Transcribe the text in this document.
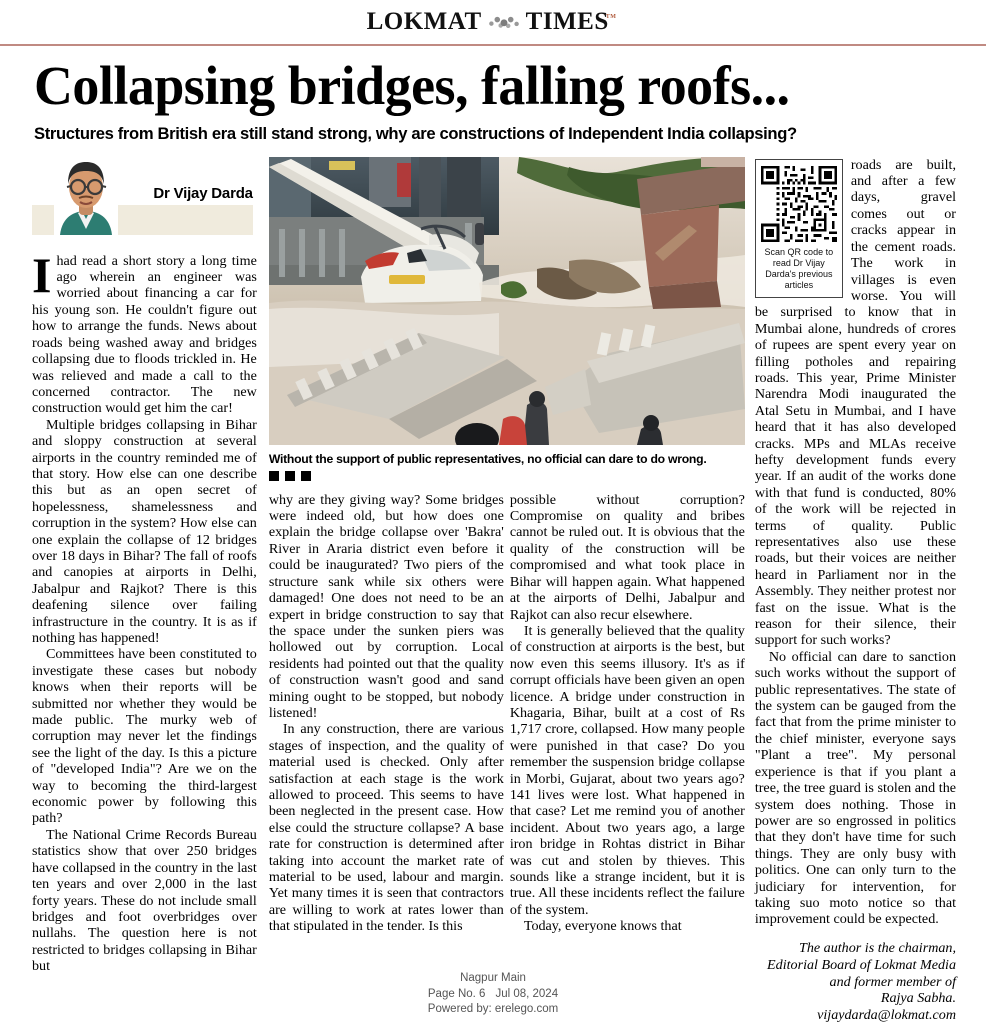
LOKMAT TIMES
TM
Collapsing bridges, falling roofs...
Structures from British era still stand strong, why are constructions of Independent India collapsing?
Dr Vijay Darda

Ihad read a short story a long time ago wherein an engineer was worried about financing a car for his young son. He couldn't figure out how to arrange the funds. News about roads being washed away and bridges collapsing due to floods trickled in. He was relieved and made a call to the concerned contractor. The new construction would get him the car!

Multiple bridges collapsing in Bihar and sloppy construction at several airports in the country reminded me of that story. How else can one describe this but as an open secret of hopelessness, shamelessness and corruption in the system? How else can one explain the collapse of 12 bridges over 18 days in Bihar? The fall of roofs and canopies at airports in Delhi, Jabalpur and Rajkot? There is this deafening silence over failing infrastructure in the country. It is as if nothing has happened!

Committees have been constituted to investigate these cases but nobody knows when their reports will be submitted nor whether they would be made public. The murky web of corruption may never let the findings see the light of the day. Is this a picture of "developed India"? Are we on the way to becoming the third-largest economic power by following this path?

The National Crime Records Bureau statistics show that over 250 bridges have collapsed in the country in the last ten years and over 2,000 in the last forty years. These do not include small bridges and foot overbridges over nullahs. The question here is not restricted to bridges collapsing in Bihar but

Without the support of public representatives, no official can dare to do wrong.

why are they giving way? Some bridges were indeed old, but how does one explain the bridge collapse over 'Bakra' River in Araria district even before it could be inaugurated? Two piers of the structure sank while six others were damaged! One does not need to be an expert in bridge construction to say that the space under the sunken piers was hollowed out by corruption. Local residents had pointed out that the quality of construction wasn't good and sand mining ought to be stopped, but nobody listened!

In any construction, there are various stages of inspection, and the quality of material used is checked. Only after satisfaction at each stage is the work allowed to proceed. This seems to have been neglected in the present case. How else could the structure collapse? A base rate for construction is determined after taking into account the market rate of material to be used, labour and margin. Yet many times it is seen that contractors are willing to work at rates lower than that stipulated in the tender. Is this

possible without corruption? Compromise on quality and bribes cannot be ruled out. It is obvious that the quality of the construction will be compromised and what took place in Bihar will happen again. What happened at the airports of Delhi, Jabalpur and Rajkot can also recur elsewhere.

It is generally believed that the quality of construction at airports is the best, but now even this seems illusory. It's as if corrupt officials have been given an open licence. A bridge under construction in Khagaria, Bihar, built at a cost of Rs 1,717 crore, collapsed. How many people were punished in that case? Do you remember the suspension bridge collapse in Morbi, Gujarat, about two years ago? 141 lives were lost. What happened in that case? Let me remind you of another incident. About two years ago, a large iron bridge in Rohtas district in Bihar was cut and stolen by thieves. This sounds like a strange incident, but it is true. All these incidents reflect the failure of the system.

Today, everyone knows that

Scan QR code to read Dr Vijay Darda's previous articles

roads are built, and after a few days, gravel comes out or cracks appear in the cement roads. The work in villages is even worse. You will be surprised to know that in Mumbai alone, hundreds of crores of rupees are spent every year on filling potholes and repairing roads. This year, Prime Minister Narendra Modi inaugurated the Atal Setu in Mumbai, and I have heard that it has also developed cracks. MPs and MLAs receive hefty development funds every year. If an audit of the works done with that fund is conducted, 80% of the work will be rejected in terms of quality. Public representatives also use these roads, but their voices are neither heard in Parliament nor in the Assembly. They neither protest nor fast on the issue. What is the reason for their silence, their support for such works?

No official can dare to sanction such works without the support of public representatives. The state of the system can be gauged from the fact that from the prime minister to the chief minister, everyone says "Plant a tree". My personal experience is that if you plant a tree, the tree guard is stolen and the system does nothing. Those in power are so engrossed in politics that they don't have time for such things. They are only busy with politics. One can only turn to the judiciary for intervention, for taking suo moto notice so that improvement could be expected.

The author is the chairman,
Editorial Board of Lokmat Media
and former member of
Rajya Sabha.
vijaydarda@lokmat.com
Nagpur Main
Page No. 6 Jul 08, 2024
Powered by: erelego.com
